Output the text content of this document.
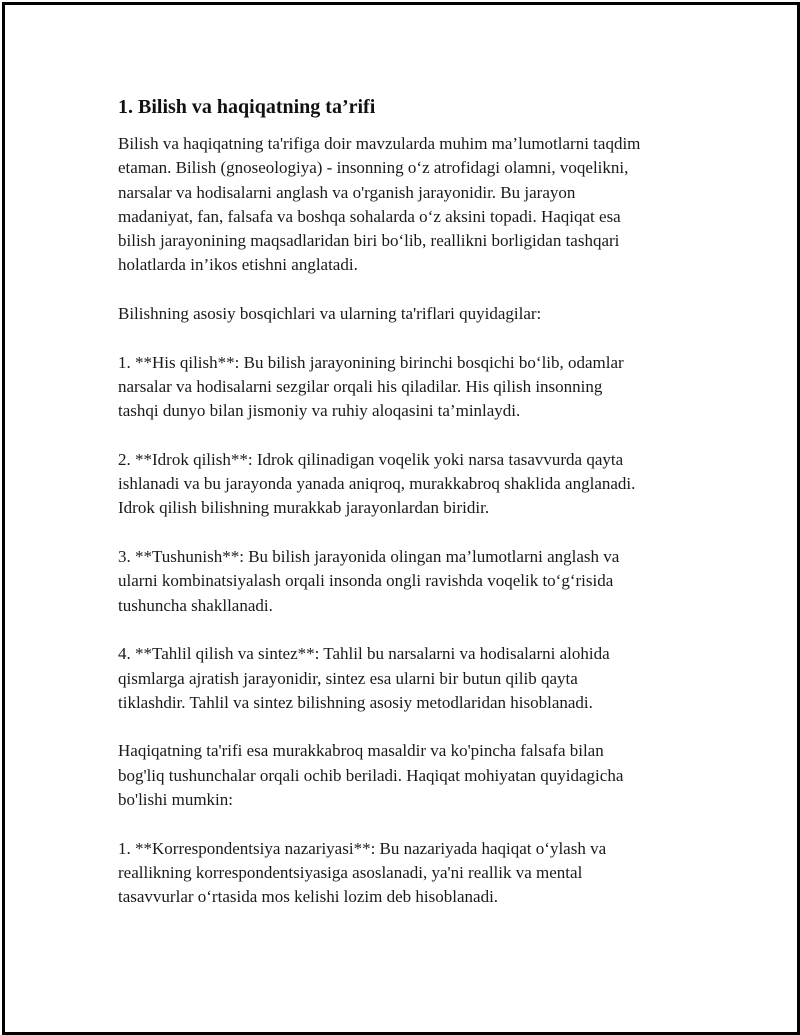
1. Bilish va haqiqatning ta’rifi

Bilish va haqiqatning ta'rifiga doir mavzularda muhim ma’lumotlarni taqdim
etaman. Bilish (gnoseologiya) - insonning o‘z atrofidagi olamni, voqelikni,
narsalar va hodisalarni anglash va o'rganish jarayonidir. Bu jarayon
madaniyat, fan, falsafa va boshqa sohalarda o‘z aksini topadi. Haqiqat esa
bilish jarayonining maqsadlaridan biri bo‘lib, reallikni borligidan tashqari
holatlarda in’ikos etishni anglatadi.

Bilishning asosiy bosqichlari va ularning ta'riflari quyidagilar:

1. **His qilish**: Bu bilish jarayonining birinchi bosqichi bo‘lib, odamlar
narsalar va hodisalarni sezgilar orqali his qiladilar. His qilish insonning
tashqi dunyo bilan jismoniy va ruhiy aloqasini ta’minlaydi.

2. **Idrok qilish**: Idrok qilinadigan voqelik yoki narsa tasavvurda qayta
ishlanadi va bu jarayonda yanada aniqroq, murakkabroq shaklida anglanadi.
Idrok qilish bilishning murakkab jarayonlardan biridir.

3. **Tushunish**: Bu bilish jarayonida olingan ma’lumotlarni anglash va
ularni kombinatsiyalash orqali insonda ongli ravishda voqelik to‘g‘risida
tushuncha shakllanadi.

4. **Tahlil qilish va sintez**: Tahlil bu narsalarni va hodisalarni alohida
qismlarga ajratish jarayonidir, sintez esa ularni bir butun qilib qayta
tiklashdir. Tahlil va sintez bilishning asosiy metodlaridan hisoblanadi.

Haqiqatning ta'rifi esa murakkabroq masaldir va ko'pincha falsafa bilan
bog'liq tushunchalar orqali ochib beriladi. Haqiqat mohiyatan quyidagicha
bo'lishi mumkin:

1. **Korrespondentsiya nazariyasi**: Bu nazariyada haqiqat o‘ylash va
reallikning korrespondentsiyasiga asoslanadi, ya'ni reallik va mental
tasavvurlar o‘rtasida mos kelishi lozim deb hisoblanadi.
